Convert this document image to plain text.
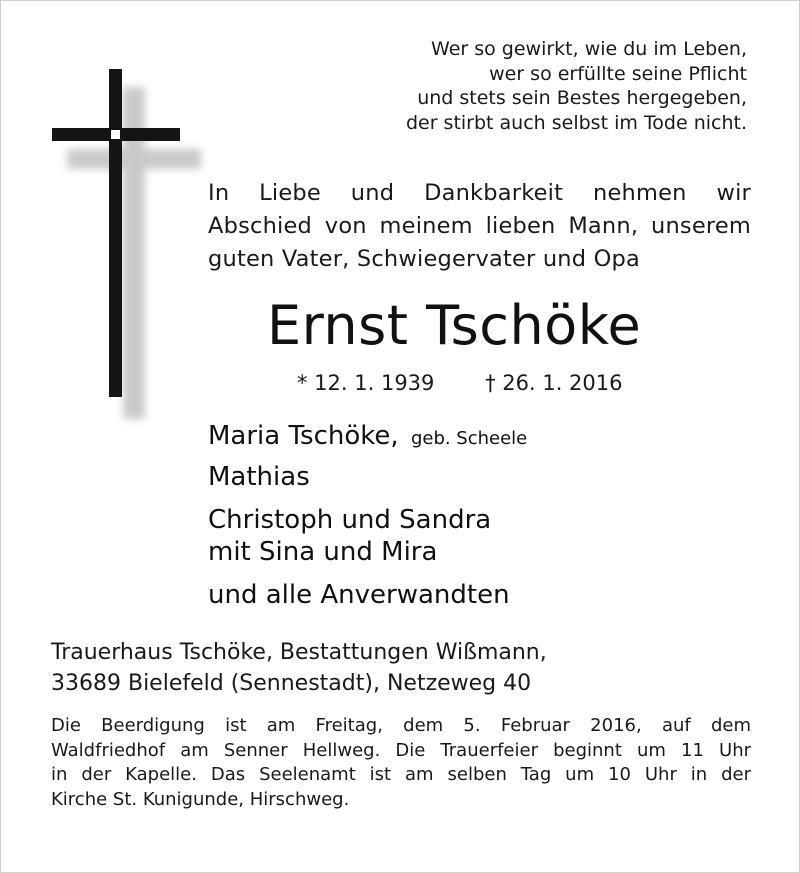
Wer so gewirkt, wie du im Leben,
wer so erfüllte seine Pflicht
und stets sein Bestes hergegeben,
der stirbt auch selbst im Tode nicht.
In Liebe und Dankbarkeit nehmen wir
Abschied von meinem lieben Mann, unserem
guten Vater, Schwiegervater und Opa
Ernst Tschöke
* 12. 1. 1939 † 26. 1. 2016
Maria Tschöke, geb. Scheele
Mathias
Christoph und Sandra
mit Sina und Mira
und alle Anverwandten
Trauerhaus Tschöke, Bestattungen Wißmann,
33689 Bielefeld (Sennestadt), Netzeweg 40
Die Beerdigung ist am Freitag, dem 5. Februar 2016, auf dem
Waldfriedhof am Senner Hellweg. Die Trauerfeier beginnt um 11 Uhr
in der Kapelle. Das Seelenamt ist am selben Tag um 10 Uhr in der
Kirche St. Kunigunde, Hirschweg.
